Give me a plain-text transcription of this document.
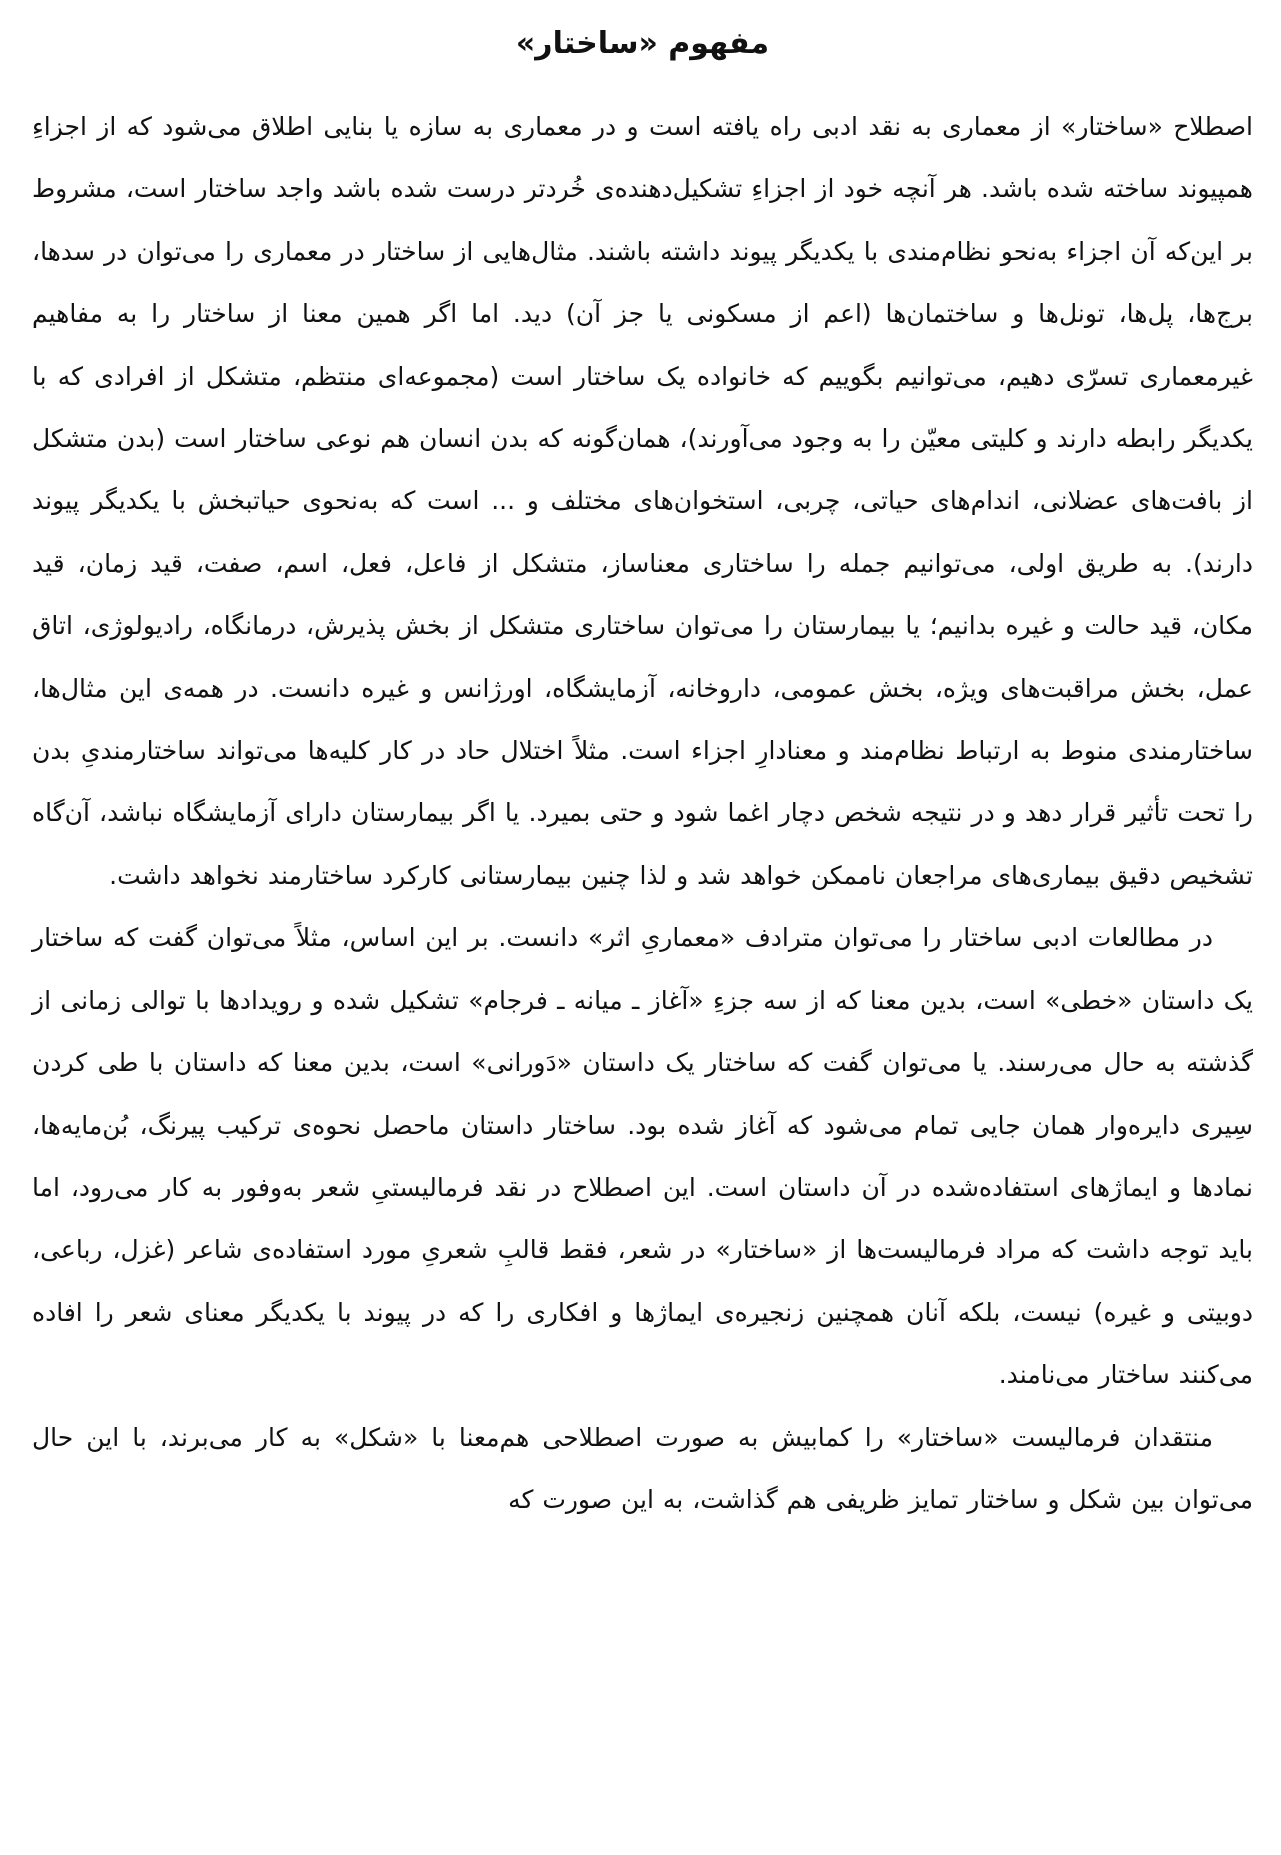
مفهوم «ساختار»

اصطلاح «ساختار» از معماری به نقد ادبی راه یافته است و در معماری به سازه یا بنایی اطلاق می‌شود که از اجزاءِ همپیوند ساخته شده باشد. هر آنچه خود از اجزاءِ تشکیل‌دهنده‌ی خُردتر درست شده باشد واجد ساختار است، مشروط بر این‌که آن اجزاء به‌نحو نظام‌مندی با یکدیگر پیوند داشته باشند. مثال‌هایی از ساختار در معماری را می‌توان در سدها، برج‌ها، پل‌ها، تونل‌ها و ساختمان‌ها (اعم از مسکونی یا جز آن) دید. اما اگر همین معنا از ساختار را به مفاهیم غیرمعماری تسرّی دهیم، می‌توانیم بگوییم که خانواده یک ساختار است (مجموعه‌ای منتظم، متشکل از افرادی که با یکدیگر رابطه دارند و کلیتی معیّن را به وجود می‌آورند)، همان‌گونه که بدن انسان هم نوعی ساختار است (بدن متشکل از بافت‌های عضلانی، اندام‌های حیاتی، چربی، استخوان‌های مختلف و ... است که به‌نحوی حیاتبخش با یکدیگر پیوند دارند). به طریق اولی، می‌توانیم جمله را ساختاری معناساز، متشکل از فاعل، فعل، اسم، صفت، قید زمان، قید مکان، قید حالت و غیره بدانیم؛ یا بیمارستان را می‌توان ساختاری متشکل از بخش پذیرش، درمانگاه، رادیولوژی، اتاق عمل، بخش مراقبت‌های ویژه، بخش عمومی، داروخانه، آزمایشگاه، اورژانس و غیره دانست. در همه‌ی این مثال‌ها، ساختارمندی منوط به ارتباط نظام‌مند و معنادارِ اجزاء است. مثلاً اختلال حاد در کار کلیه‌ها می‌تواند ساختارمندیِ بدن را تحت تأثیر قرار دهد و در نتیجه شخص دچار اغما شود و حتی بمیرد. یا اگر بیمارستان دارای آزمایشگاه نباشد، آن‌گاه تشخیص دقیق بیماری‌های مراجعان ناممکن خواهد شد و لذا چنین بیمارستانی کارکرد ساختارمند نخواهد داشت.

در مطالعات ادبی ساختار را می‌توان مترادف «معماریِ اثر» دانست. بر این اساس، مثلاً می‌توان گفت که ساختار یک داستان «خطی» است، بدین معنا که از سه جزءِ «آغاز ـ میانه ـ فرجام» تشکیل شده و رویدادها با توالی زمانی از گذشته به حال می‌رسند. یا می‌توان گفت که ساختار یک داستان «دَورانی» است، بدین معنا که داستان با طی کردن سِیری دایره‌وار همان جایی تمام می‌شود که آغاز شده بود. ساختار داستان ماحصل نحوه‌ی ترکیب پیرنگ، بُن‌مایه‌ها، نمادها و ایماژهای استفاده‌شده در آن داستان است. این اصطلاح در نقد فرمالیستیِ شعر به‌وفور به کار می‌رود، اما باید توجه داشت که مراد فرمالیست‌ها از «ساختار» در شعر، فقط قالبِ شعریِ مورد استفاده‌ی شاعر (غزل، رباعی، دوبیتی و غیره) نیست، بلکه آنان همچنین زنجیره‌ی ایماژها و افکاری را که در پیوند با یکدیگر معنای شعر را افاده می‌کنند ساختار می‌نامند.

منتقدان فرمالیست «ساختار» را کمابیش به صورت اصطلاحی هم‌معنا با «شکل» به کار می‌برند، با این حال می‌توان بین شکل و ساختار تمایز ظریفی هم گذاشت، به این صورت که
